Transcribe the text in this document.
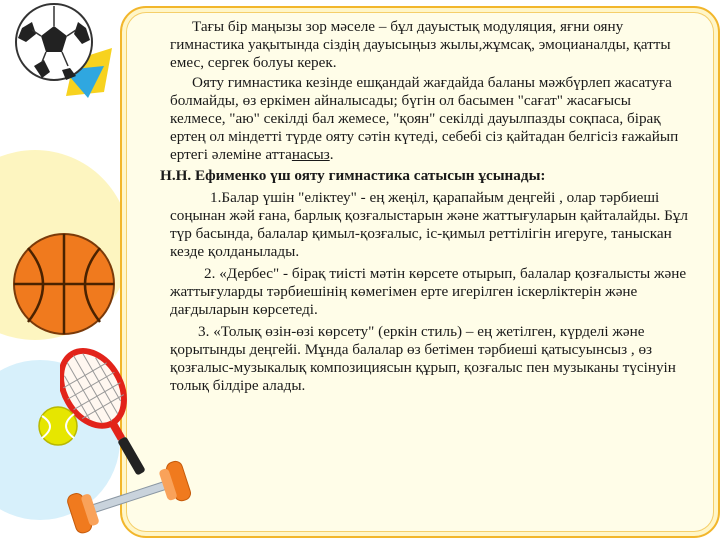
Тағы бір маңызы зор мәселе – бұл дауыстық модуляция, яғни ояну гимнастика уақытында сіздің дауысыңыз жылы,жұмсақ, эмоцианалды, қатты емес, сергек болуы керек.

Ояту гимнастика кезінде ешқандай жағдайда баланы мәжбүрлеп жасатуға болмайды, өз еркімен айналысады; бүгін ол басымен "сағат" жасағысы келмесе, "аю" секілді бал жемесе, "қоян" секілді дауылпазды соқпаса, бірақ ертең ол міндетті түрде ояту сәтін күтеді, себебі сіз қайтадан белгісіз ғажайып ертегі әлеміне аттанасыз.

Н.Н. Ефименко үш ояту гимнастика сатысын ұсынады:

1.Балар үшін "еліктеу" - ең жеңіл, қарапайым деңгейі , олар тәрбиеші соңынан жәй ғана, барлық қозғалыстарын және жаттығуларын қайталайды. Бұл түр басында, балалар қимыл-қозғалыс, іс-қимыл реттілігін игеруге, таныскан кезде қолданылады.

2. «Дербес" - бірақ тиісті мәтін көрсете отырып, балалар қозғалысты және жаттығуларды тәрбиешінің көмегімен ерте игерілген іскерліктерін және дағдыларын көрсетеді.

3. «Толық өзін-өзі көрсету" (еркін стиль) – ең жетілген, күрделі және қорытынды деңгейі. Мұнда балалар өз бетімен тәрбиеші қатысуынсыз , өз қозғалыс-музыкалық композициясын құрып, қозғалыс пен музыканы түсінуін толық білдіре алады.
